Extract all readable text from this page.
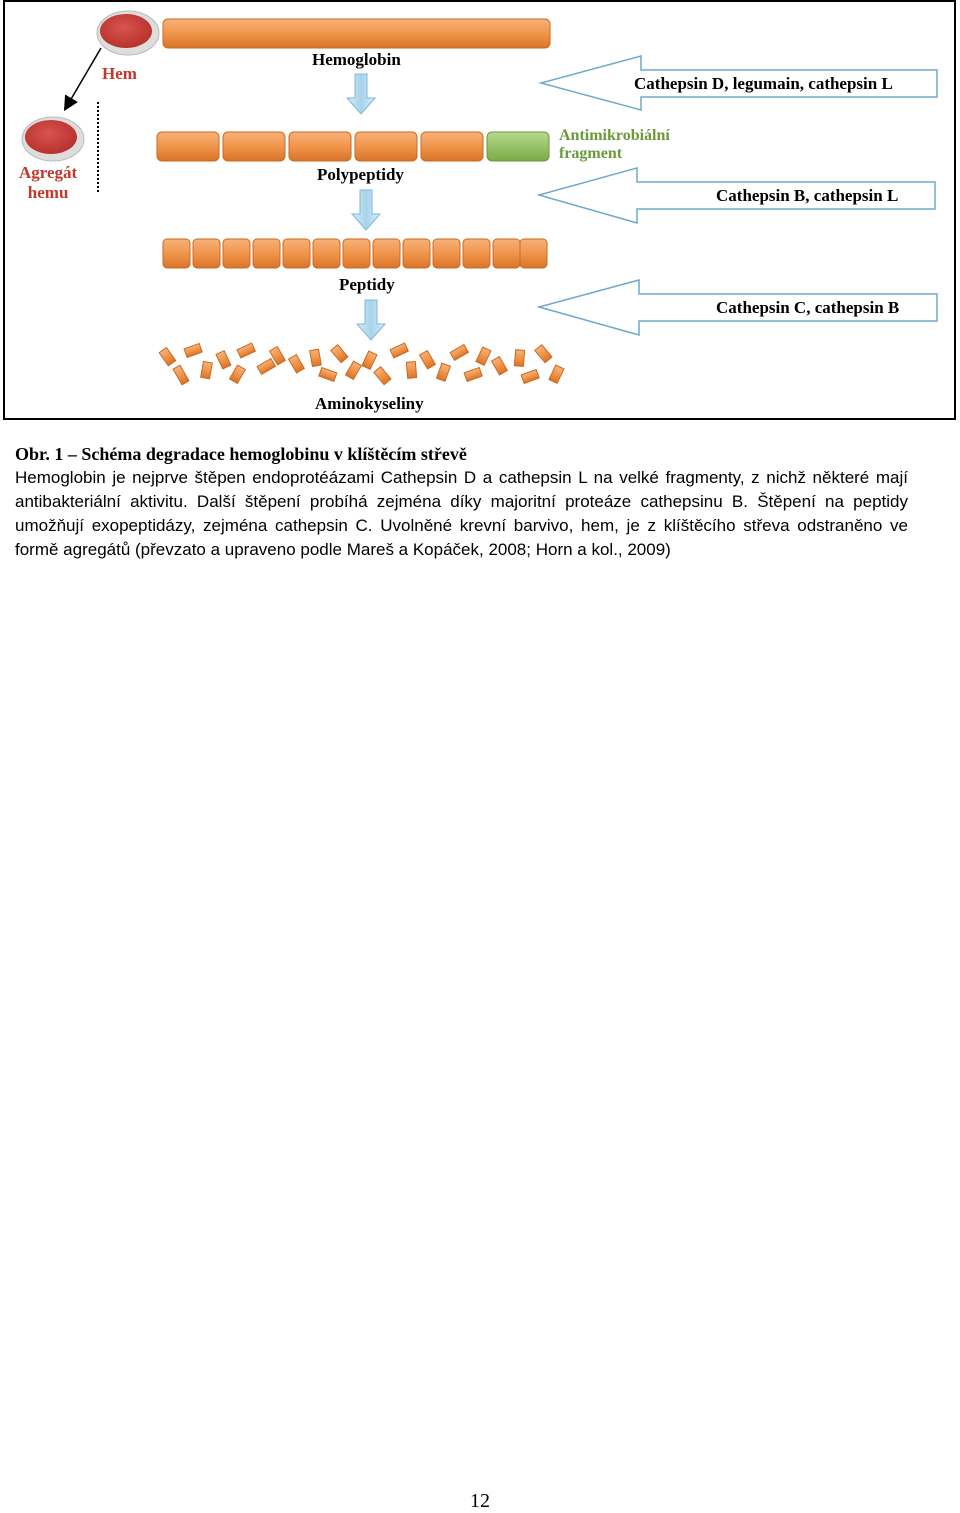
Hem
Agregát
hemu
Hemoglobin
Polypeptidy
Peptidy
Aminokyseliny
Antimikrobiální
fragment
Cathepsin D, legumain, cathepsin L
Cathepsin B, cathepsin L
Cathepsin C, cathepsin B
Obr. 1 – Schéma degradace hemoglobinu v klíštěcím střevě

Hemoglobin je nejprve štěpen endoprotéázami Cathepsin D a cathepsin L na velké fragmenty, z nichž některé mají antibakteriální aktivitu. Další štěpení probíhá zejména díky majoritní proteáze cathepsinu B. Štěpení na peptidy umožňují exopeptidázy, zejména cathepsin C. Uvolněné krevní barvivo, hem, je z klíštěcího střeva odstraněno ve formě agregátů (převzato a upraveno podle Mareš a Kopáček, 2008; Horn a kol., 2009)

12
